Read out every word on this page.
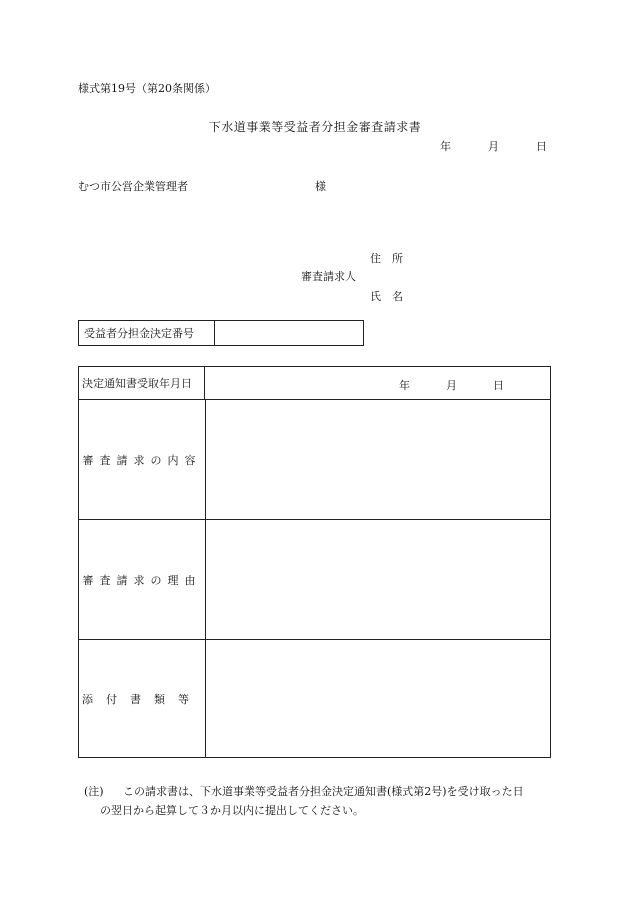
様式第19号（第20条関係）
下水道事業等受益者分担金審査請求書
年	月	日
むつ市公営企業管理者	様
住　所
審査請求人
氏　名
受益者分担金決定番号
決定通知書受取年月日	年	月	日
審査請求の内容
審査請求の理由
添付書類等
(注) この請求書は、下水道事業等受益者分担金決定通知書(様式第2号)を受け取った日
の翌日から起算して３か月以内に提出してください。
